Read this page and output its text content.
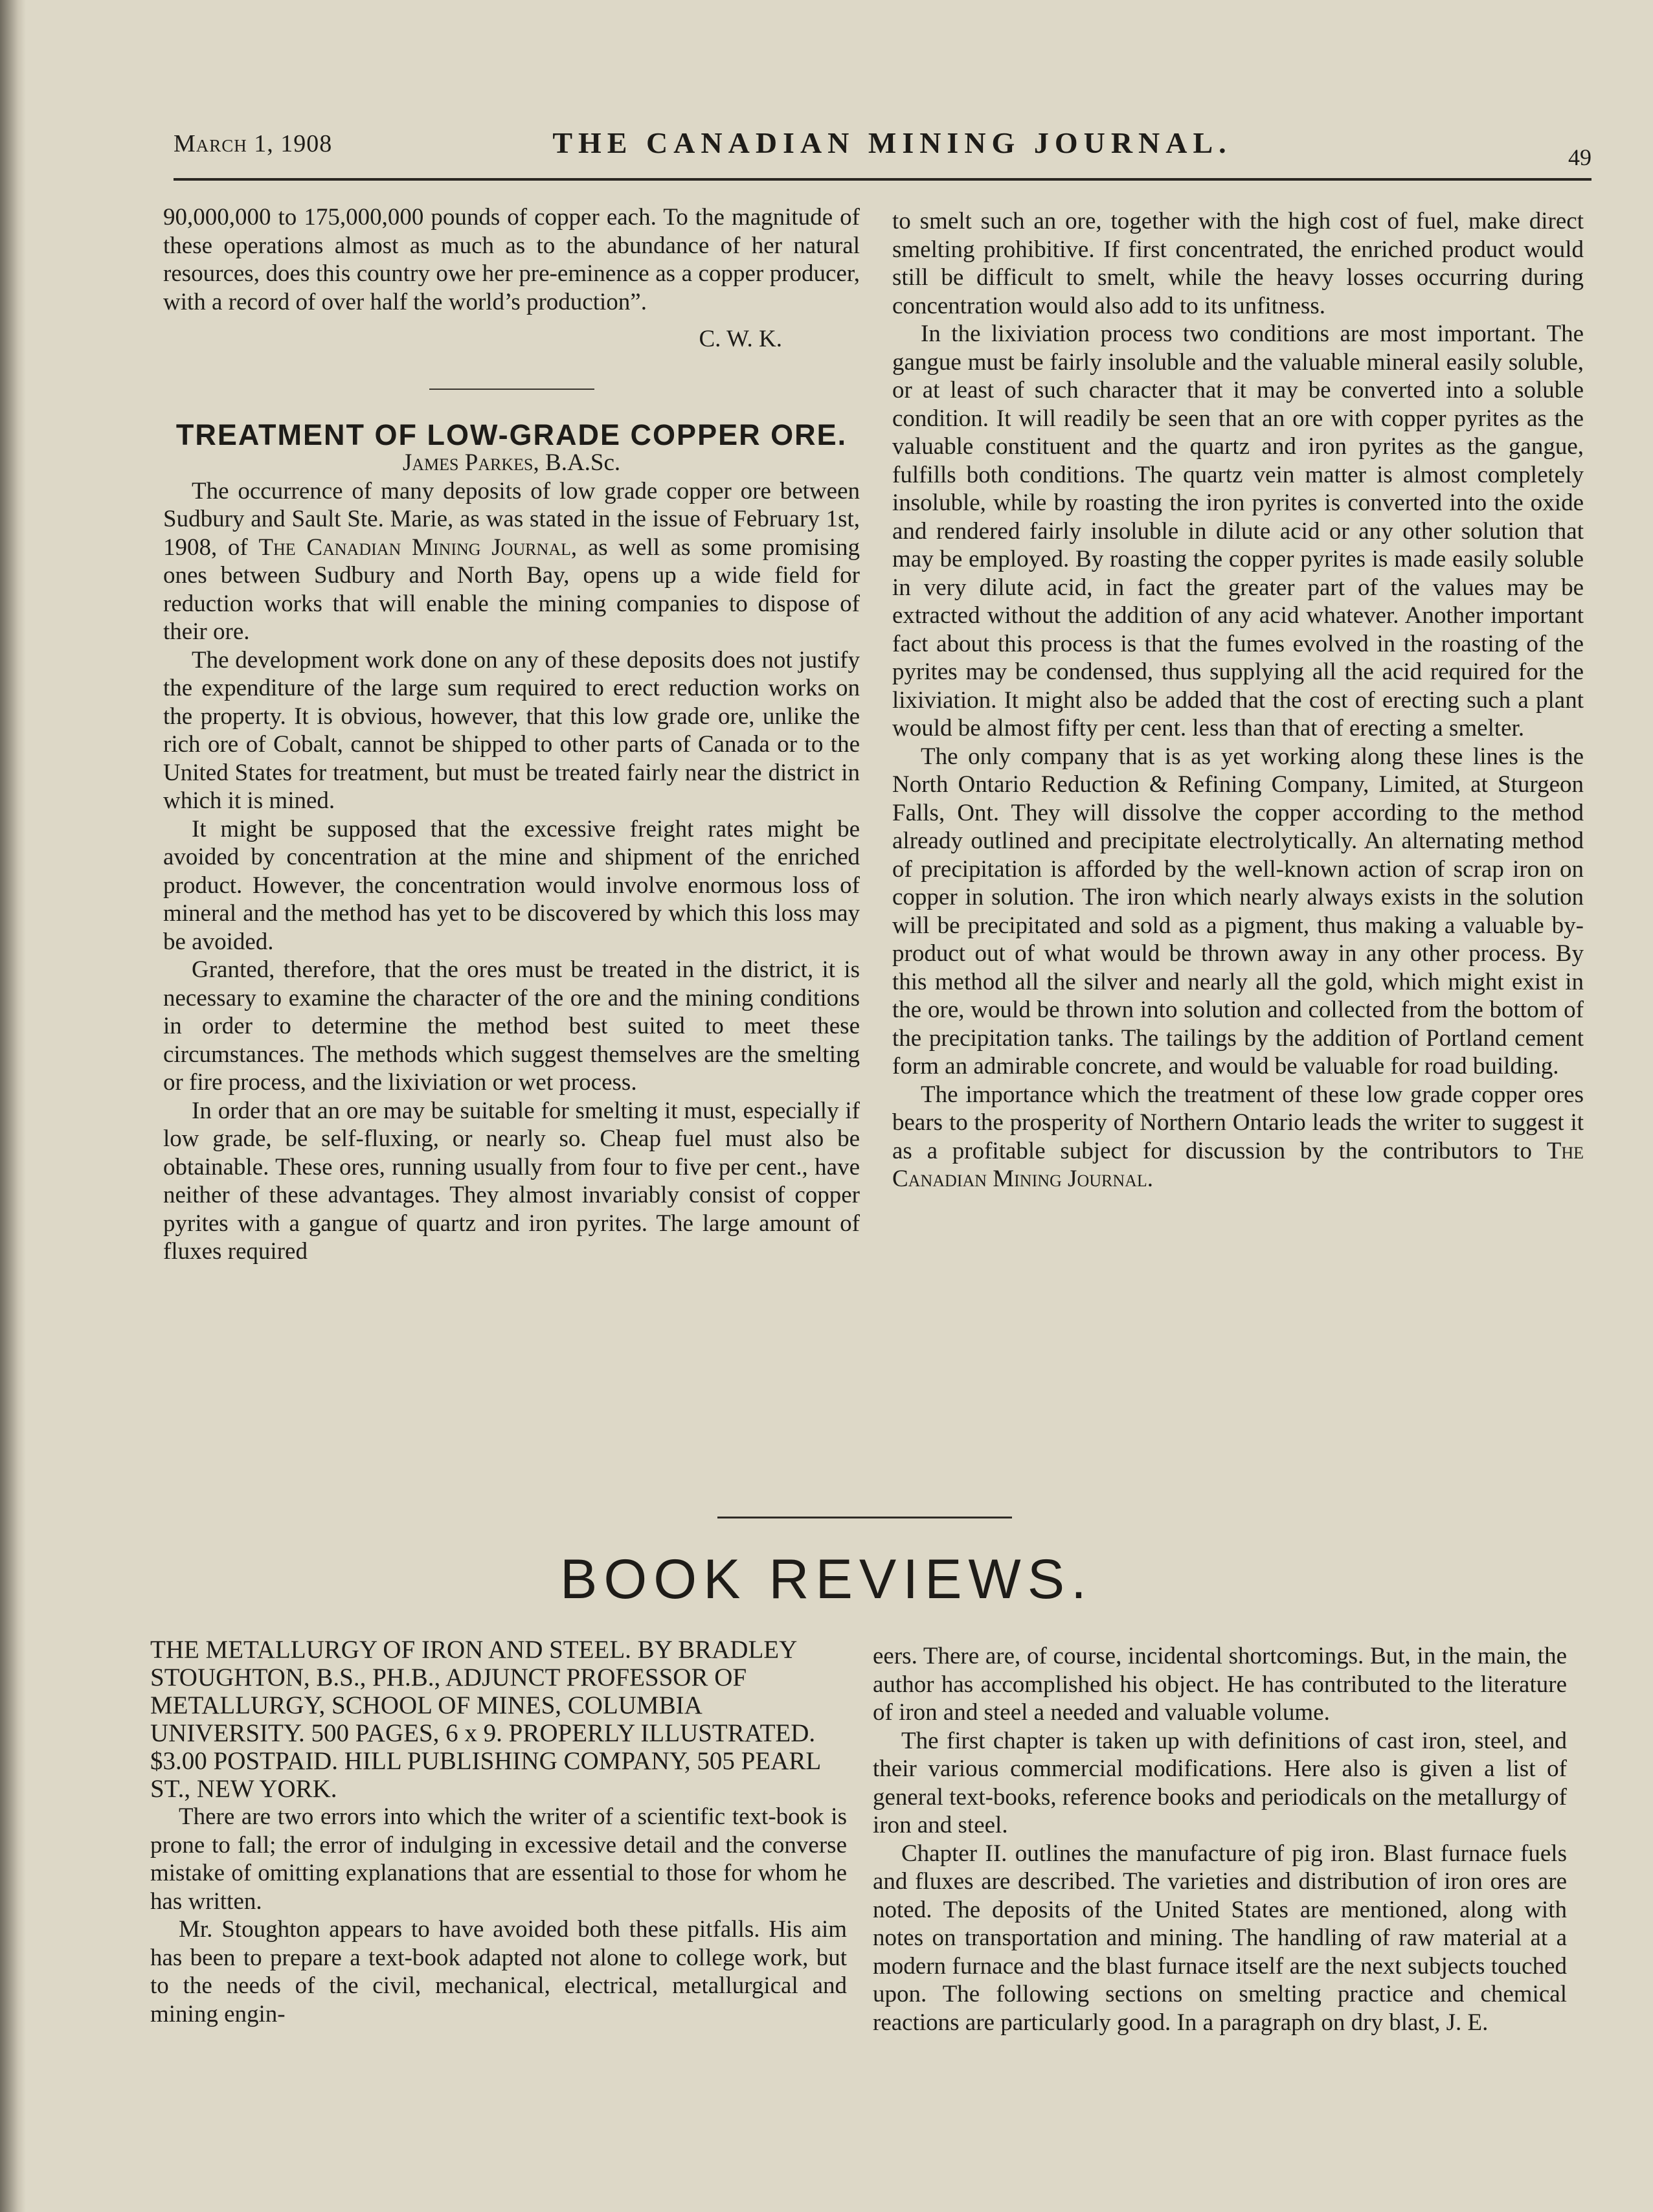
March 1, 1908	THE CANADIAN MINING JOURNAL.	49

90,000,000 to 175,000,000 pounds of copper each. To the magnitude of these operations almost as much as to the abundance of her natural resources, does this country owe her pre-eminence as a copper producer, with a record of over half the world’s production”.

C. W. K.

TREATMENT OF LOW-GRADE COPPER ORE.

James Parkes, B.A.Sc.

The occurrence of many deposits of low grade copper ore between Sudbury and Sault Ste. Marie, as was stated in the issue of February 1st, 1908, of The Canadian Mining Journal, as well as some promising ones between Sudbury and North Bay, opens up a wide field for reduction works that will enable the mining companies to dispose of their ore.

The development work done on any of these deposits does not justify the expenditure of the large sum required to erect reduction works on the property. It is obvious, however, that this low grade ore, unlike the rich ore of Cobalt, cannot be shipped to other parts of Canada or to the United States for treatment, but must be treated fairly near the district in which it is mined.

It might be supposed that the excessive freight rates might be avoided by concentration at the mine and shipment of the enriched product. However, the concentration would involve enormous loss of mineral and the method has yet to be discovered by which this loss may be avoided.

Granted, therefore, that the ores must be treated in the district, it is necessary to examine the character of the ore and the mining conditions in order to determine the method best suited to meet these circumstances. The methods which suggest themselves are the smelting or fire process, and the lixiviation or wet process.

In order that an ore may be suitable for smelting it must, especially if low grade, be self-fluxing, or nearly so. Cheap fuel must also be obtainable. These ores, running usually from four to five per cent., have neither of these advantages. They almost invariably consist of copper pyrites with a gangue of quartz and iron pyrites. The large amount of fluxes required

to smelt such an ore, together with the high cost of fuel, make direct smelting prohibitive. If first concentrated, the enriched product would still be difficult to smelt, while the heavy losses occurring during concentration would also add to its unfitness.

In the lixiviation process two conditions are most important. The gangue must be fairly insoluble and the valuable mineral easily soluble, or at least of such character that it may be converted into a soluble condition. It will readily be seen that an ore with copper pyrites as the valuable constituent and the quartz and iron pyrites as the gangue, fulfills both conditions. The quartz vein matter is almost completely insoluble, while by roasting the iron pyrites is converted into the oxide and rendered fairly insoluble in dilute acid or any other solution that may be employed. By roasting the copper pyrites is made easily soluble in very dilute acid, in fact the greater part of the values may be extracted without the addition of any acid whatever. Another important fact about this process is that the fumes evolved in the roasting of the pyrites may be condensed, thus supplying all the acid required for the lixiviation. It might also be added that the cost of erecting such a plant would be almost fifty per cent. less than that of erecting a smelter.

The only company that is as yet working along these lines is the North Ontario Reduction & Refining Company, Limited, at Sturgeon Falls, Ont. They will dissolve the copper according to the method already outlined and precipitate electrolytically. An alternating method of precipitation is afforded by the well-known action of scrap iron on copper in solution. The iron which nearly always exists in the solution will be precipitated and sold as a pigment, thus making a valuable by-product out of what would be thrown away in any other process. By this method all the silver and nearly all the gold, which might exist in the ore, would be thrown into solution and collected from the bottom of the precipitation tanks. The tailings by the addition of Portland cement form an admirable concrete, and would be valuable for road building.

The importance which the treatment of these low grade copper ores bears to the prosperity of Northern Ontario leads the writer to suggest it as a profitable subject for discussion by the contributors to The Canadian Mining Journal.

BOOK REVIEWS.

THE METALLURGY OF IRON AND STEEL. BY BRADLEY STOUGHTON, B.S., PH.B., ADJUNCT PROFESSOR OF METALLURGY, SCHOOL OF MINES, COLUMBIA UNIVERSITY. 500 PAGES, 6 x 9. PROPERLY ILLUSTRATED. $3.00 POSTPAID. HILL PUBLISHING COMPANY, 505 PEARL ST., NEW YORK.

There are two errors into which the writer of a scientific text-book is prone to fall; the error of indulging in excessive detail and the converse mistake of omitting explanations that are essential to those for whom he has written.

Mr. Stoughton appears to have avoided both these pitfalls. His aim has been to prepare a text-book adapted not alone to college work, but to the needs of the civil, mechanical, electrical, metallurgical and mining engin-

eers. There are, of course, incidental shortcomings. But, in the main, the author has accomplished his object. He has contributed to the literature of iron and steel a needed and valuable volume.

The first chapter is taken up with definitions of cast iron, steel, and their various commercial modifications. Here also is given a list of general text-books, reference books and periodicals on the metallurgy of iron and steel.

Chapter II. outlines the manufacture of pig iron. Blast furnace fuels and fluxes are described. The varieties and distribution of iron ores are noted. The deposits of the United States are mentioned, along with notes on transportation and mining. The handling of raw material at a modern furnace and the blast furnace itself are the next subjects touched upon. The following sections on smelting practice and chemical reactions are particularly good. In a paragraph on dry blast, J. E.
